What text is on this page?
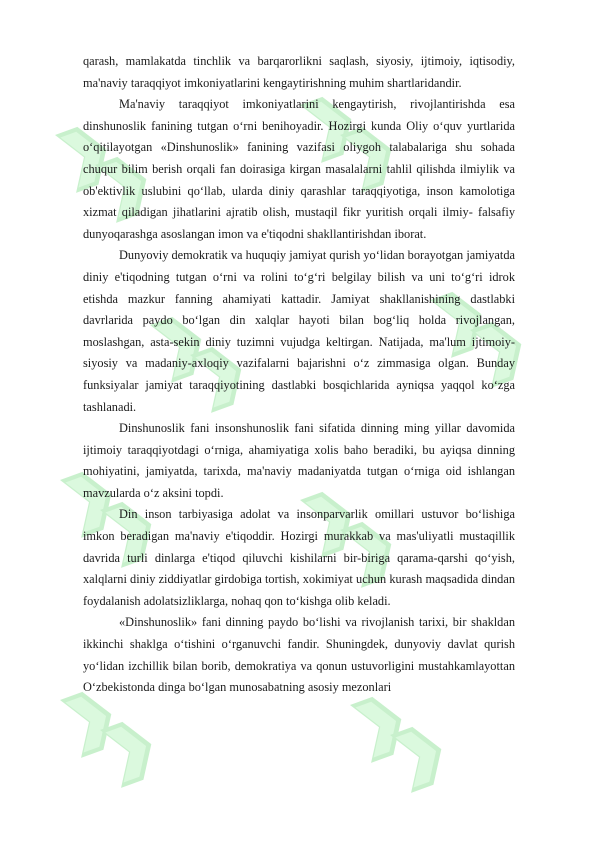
qarash, mamlakatda tinchlik va barqarorlikni saqlash, siyosiy, ijtimoiy, iqtisodiy, ma'naviy taraqqiyot imkoniyatlarini kengaytirishning muhim shartlaridandir.

Ma'naviy taraqqiyot imkoniyatlarini kengaytirish, rivojlantirishda esa dinshunoslik fanining tutgan o‘rni benihoyadir. Hozirgi kunda Oliy o‘quv yurtlarida o‘qitilayotgan «Dinshunoslik» fanining vazifasi oliygoh talabalariga shu sohada chuqur bilim berish orqali fan doirasiga kirgan masalalarni tahlil qilishda ilmiylik va ob'ektivlik uslubini qo‘llab, ularda diniy qarashlar taraqqiyotiga, inson kamolotiga xizmat qiladigan jihatlarini ajratib olish, mustaqil fikr yuritish orqali ilmiy- falsafiy dunyoqarashga asoslangan imon va e'tiqodni shakllantirishdan iborat.

Dunyoviy demokratik va huquqiy jamiyat qurish yo‘lidan borayotgan jamiyatda diniy e'tiqodning tutgan o‘rni va rolini to‘g‘ri belgilay bilish va uni to‘g‘ri idrok etishda mazkur fanning ahamiyati kattadir. Jamiyat shakllanishining dastlabki davrlarida paydo bo‘lgan din xalqlar hayoti bilan bog‘liq holda rivojlangan, moslashgan, asta-sekin diniy tuzimni vujudga keltirgan. Natijada, ma'lum ijtimoiy-siyosiy va madaniy-axloqiy vazifalarni bajarishni o‘z zimmasiga olgan. Bunday funksiyalar jamiyat taraqqiyotining dastlabki bosqichlarida ayniqsa yaqqol ko‘zga tashlanadi.

Dinshunoslik fani insonshunoslik fani sifatida dinning ming yillar davomida ijtimoiy taraqqiyotdagi o‘rniga, ahamiyatiga xolis baho beradiki, bu ayiqsa dinning mohiyatini, jamiyatda, tarixda, ma'naviy madaniyatda tutgan o‘rniga oid ishlangan mavzularda o‘z aksini topdi.

Din inson tarbiyasiga adolat va insonparvarlik omillari ustuvor bo‘lishiga imkon beradigan ma'naviy e'tiqoddir. Hozirgi murakkab va mas'uliyatli mustaqillik davrida turli dinlarga e'tiqod qiluvchi kishilarni bir-biriga qarama-qarshi qo‘yish, xalqlarni diniy ziddiyatlar girdobiga tortish, xokimiyat uchun kurash maqsadida dindan foydalanish adolatsizliklarga, nohaq qon to‘kishga olib keladi.

«Dinshunoslik» fani dinning paydo bo‘lishi va rivojlanish tarixi, bir shakldan ikkinchi shaklga o‘tishini o‘rganuvchi fandir. Shuningdek, dunyoviy davlat qurish yo‘lidan izchillik bilan borib, demokratiya va qonun ustuvorligini mustahkamlayottan O‘zbekistonda dinga bo‘lgan munosabatning asosiy mezonlari
